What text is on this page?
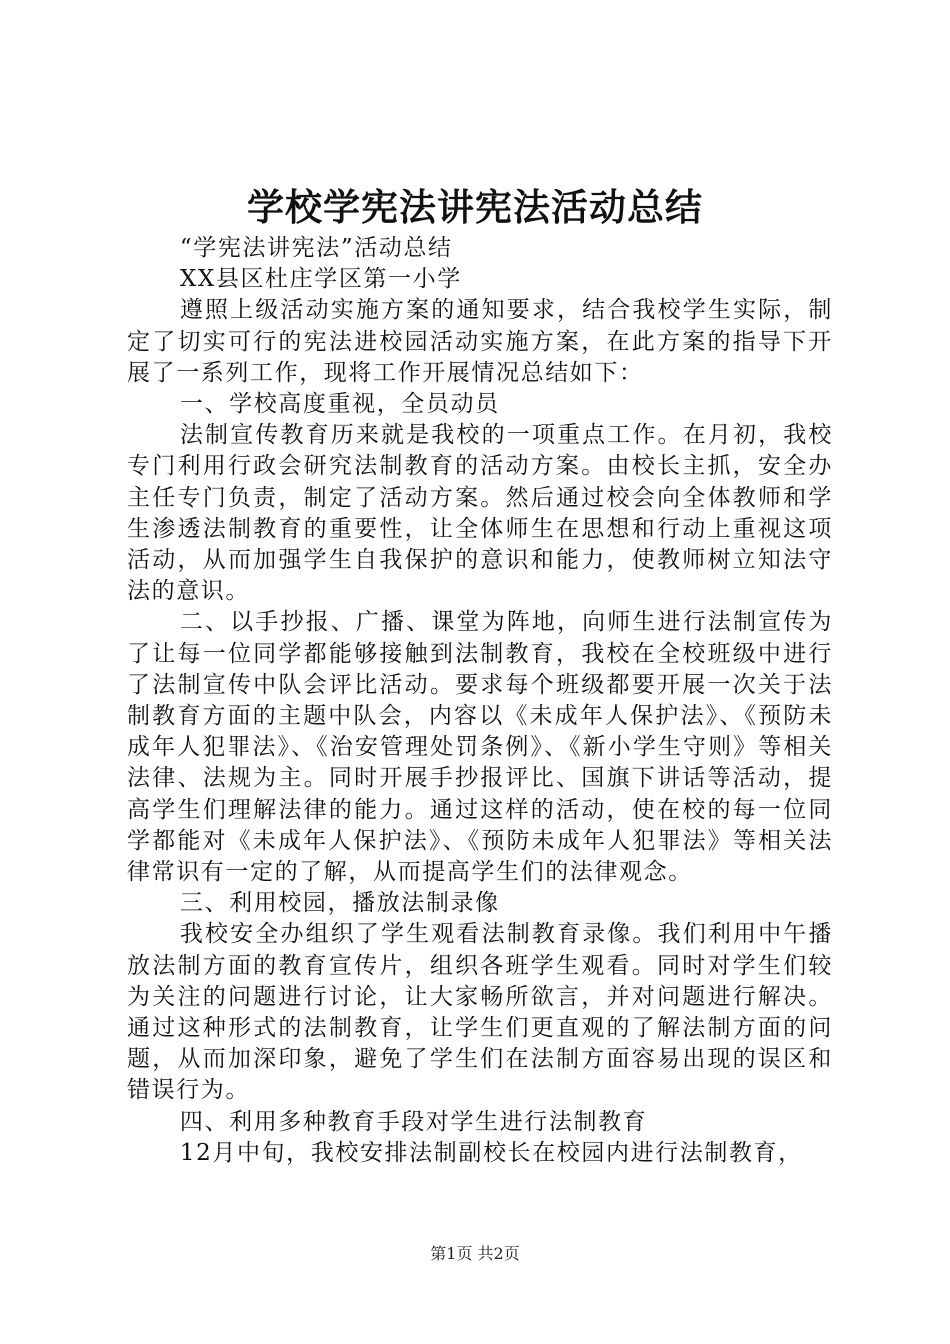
学校学宪法讲宪法活动总结

“学宪法讲宪法”活动总结

XX县区杜庄学区第一小学

遵照上级活动实施方案的通知要求，结合我校学生实际，制定了切实可行的宪法进校园活动实施方案，在此方案的指导下开展了一系列工作，现将工作开展情况总结如下：

一、学校高度重视，全员动员

法制宣传教育历来就是我校的一项重点工作。在月初，我校专门利用行政会研究法制教育的活动方案。由校长主抓，安全办主任专门负责，制定了活动方案。然后通过校会向全体教师和学生渗透法制教育的重要性，让全体师生在思想和行动上重视这项活动，从而加强学生自我保护的意识和能力，使教师树立知法守法的意识。

二、以手抄报、广播、课堂为阵地，向师生进行法制宣传为了让每一位同学都能够接触到法制教育，我校在全校班级中进行了法制宣传中队会评比活动。要求每个班级都要开展一次关于法制教育方面的主题中队会，内容以《未成年人保护法》、《预防未成年人犯罪法》、《治安管理处罚条例》、《新小学生守则》等相关法律、法规为主。同时开展手抄报评比、国旗下讲话等活动，提高学生们理解法律的能力。通过这样的活动，使在校的每一位同学都能对《未成年人保护法》、《预防未成年人犯罪法》等相关法律常识有一定的了解，从而提高学生们的法律观念。

三、利用校园，播放法制录像

我校安全办组织了学生观看法制教育录像。我们利用中午播放法制方面的教育宣传片，组织各班学生观看。同时对学生们较为关注的问题进行讨论，让大家畅所欲言，并对问题进行解决。通过这种形式的法制教育，让学生们更直观的了解法制方面的问题，从而加深印象，避免了学生们在法制方面容易出现的误区和错误行为。

四、利用多种教育手段对学生进行法制教育

12月中旬，我校安排法制副校长在校园内进行法制教育，

第1页 共2页
